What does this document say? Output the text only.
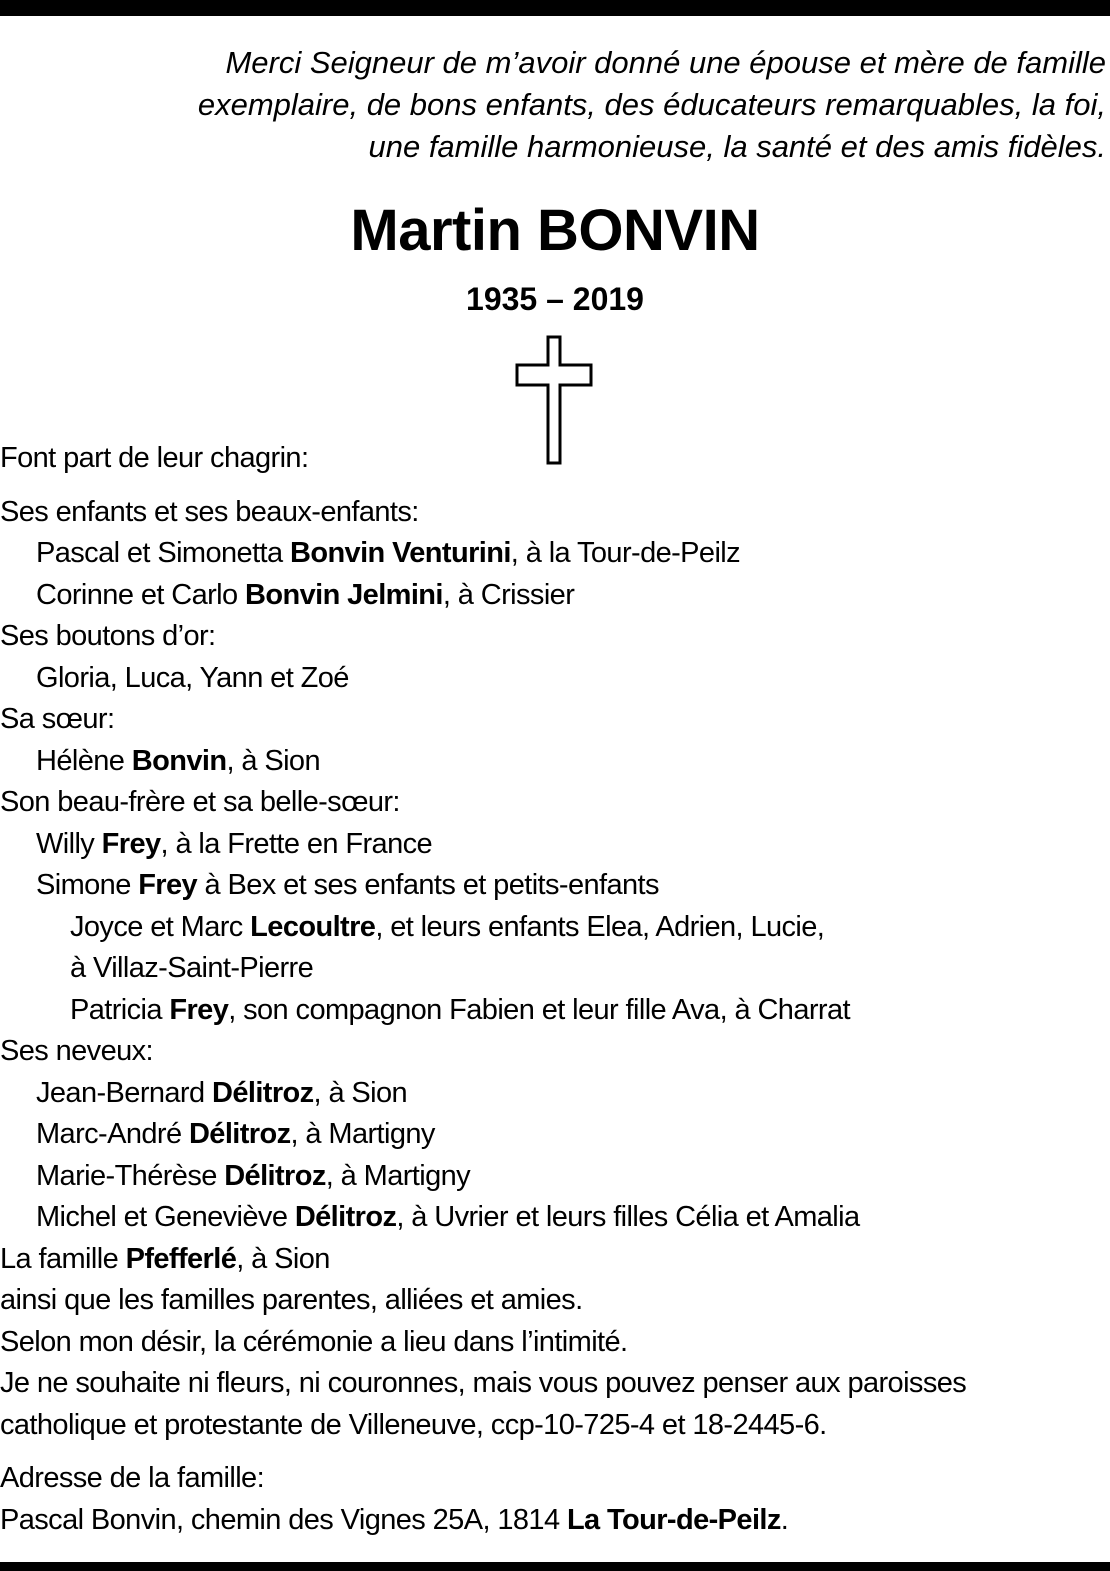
Merci Seigneur de m’avoir donné une épouse et mère de famille
exemplaire, de bons enfants, des éducateurs remarquables, la foi,
une famille harmonieuse, la santé et des amis fidèles.
Martin BONVIN
1935 – 2019
Font part de leur chagrin:
Ses enfants et ses beaux-enfants:
Pascal et Simonetta Bonvin Venturini, à la Tour-de-Peilz
Corinne et Carlo Bonvin Jelmini, à Crissier
Ses boutons d’or:
Gloria, Luca, Yann et Zoé
Sa sœur:
Hélène Bonvin, à Sion
Son beau-frère et sa belle-sœur:
Willy Frey, à la Frette en France
Simone Frey à Bex et ses enfants et petits-enfants
Joyce et Marc Lecoultre, et leurs enfants Elea, Adrien, Lucie,
à Villaz-Saint-Pierre
Patricia Frey, son compagnon Fabien et leur fille Ava, à Charrat
Ses neveux:
Jean-Bernard Délitroz, à Sion
Marc-André Délitroz, à Martigny
Marie-Thérèse Délitroz, à Martigny
Michel et Geneviève Délitroz, à Uvrier et leurs filles Célia et Amalia
La famille Pfefferlé, à Sion
ainsi que les familles parentes, alliées et amies.
Selon mon désir, la cérémonie a lieu dans l’intimité.
Je ne souhaite ni fleurs, ni couronnes, mais vous pouvez penser aux paroisses
catholique et protestante de Villeneuve, ccp-10-725-4 et 18-2445-6.
Adresse de la famille:
Pascal Bonvin, chemin des Vignes 25A, 1814 La Tour-de-Peilz.
